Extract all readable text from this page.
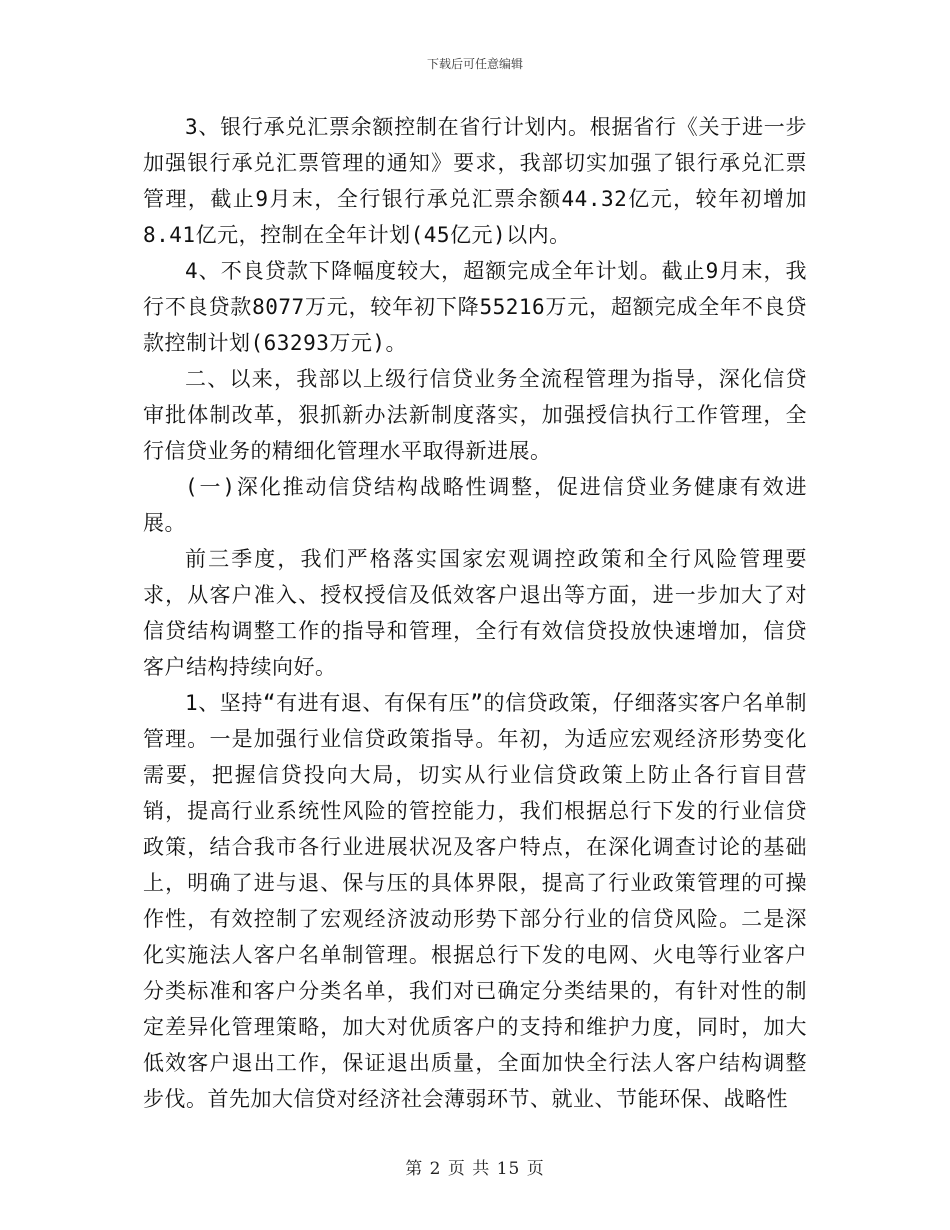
下载后可任意编辑

3、银行承兑汇票余额控制在省行计划内。根据省行《关于进一步加强银行承兑汇票管理的通知》要求，我部切实加强了银行承兑汇票管理，截止9月末，全行银行承兑汇票余额44.32亿元，较年初增加8.41亿元，控制在全年计划(45亿元)以内。

4、不良贷款下降幅度较大，超额完成全年计划。截止9月末，我行不良贷款8077万元，较年初下降55216万元，超额完成全年不良贷款控制计划(63293万元)。

二、以来，我部以上级行信贷业务全流程管理为指导，深化信贷审批体制改革，狠抓新办法新制度落实，加强授信执行工作管理，全行信贷业务的精细化管理水平取得新进展。

(一)深化推动信贷结构战略性调整，促进信贷业务健康有效进展。

前三季度，我们严格落实国家宏观调控政策和全行风险管理要求，从客户准入、授权授信及低效客户退出等方面，进一步加大了对信贷结构调整工作的指导和管理，全行有效信贷投放快速增加，信贷客户结构持续向好。

1、坚持“有进有退、有保有压”的信贷政策，仔细落实客户名单制管理。一是加强行业信贷政策指导。年初，为适应宏观经济形势变化需要，把握信贷投向大局，切实从行业信贷政策上防止各行盲目营销，提高行业系统性风险的管控能力，我们根据总行下发的行业信贷政策，结合我市各行业进展状况及客户特点，在深化调查讨论的基础上，明确了进与退、保与压的具体界限，提高了行业政策管理的可操作性，有效控制了宏观经济波动形势下部分行业的信贷风险。二是深化实施法人客户名单制管理。根据总行下发的电网、火电等行业客户分类标准和客户分类名单，我们对已确定分类结果的，有针对性的制定差异化管理策略，加大对优质客户的支持和维护力度，同时，加大低效客户退出工作，保证退出质量，全面加快全行法人客户结构调整步伐。首先加大信贷对经济社会薄弱环节、就业、节能环保、战略性

第 2 页 共 15 页
